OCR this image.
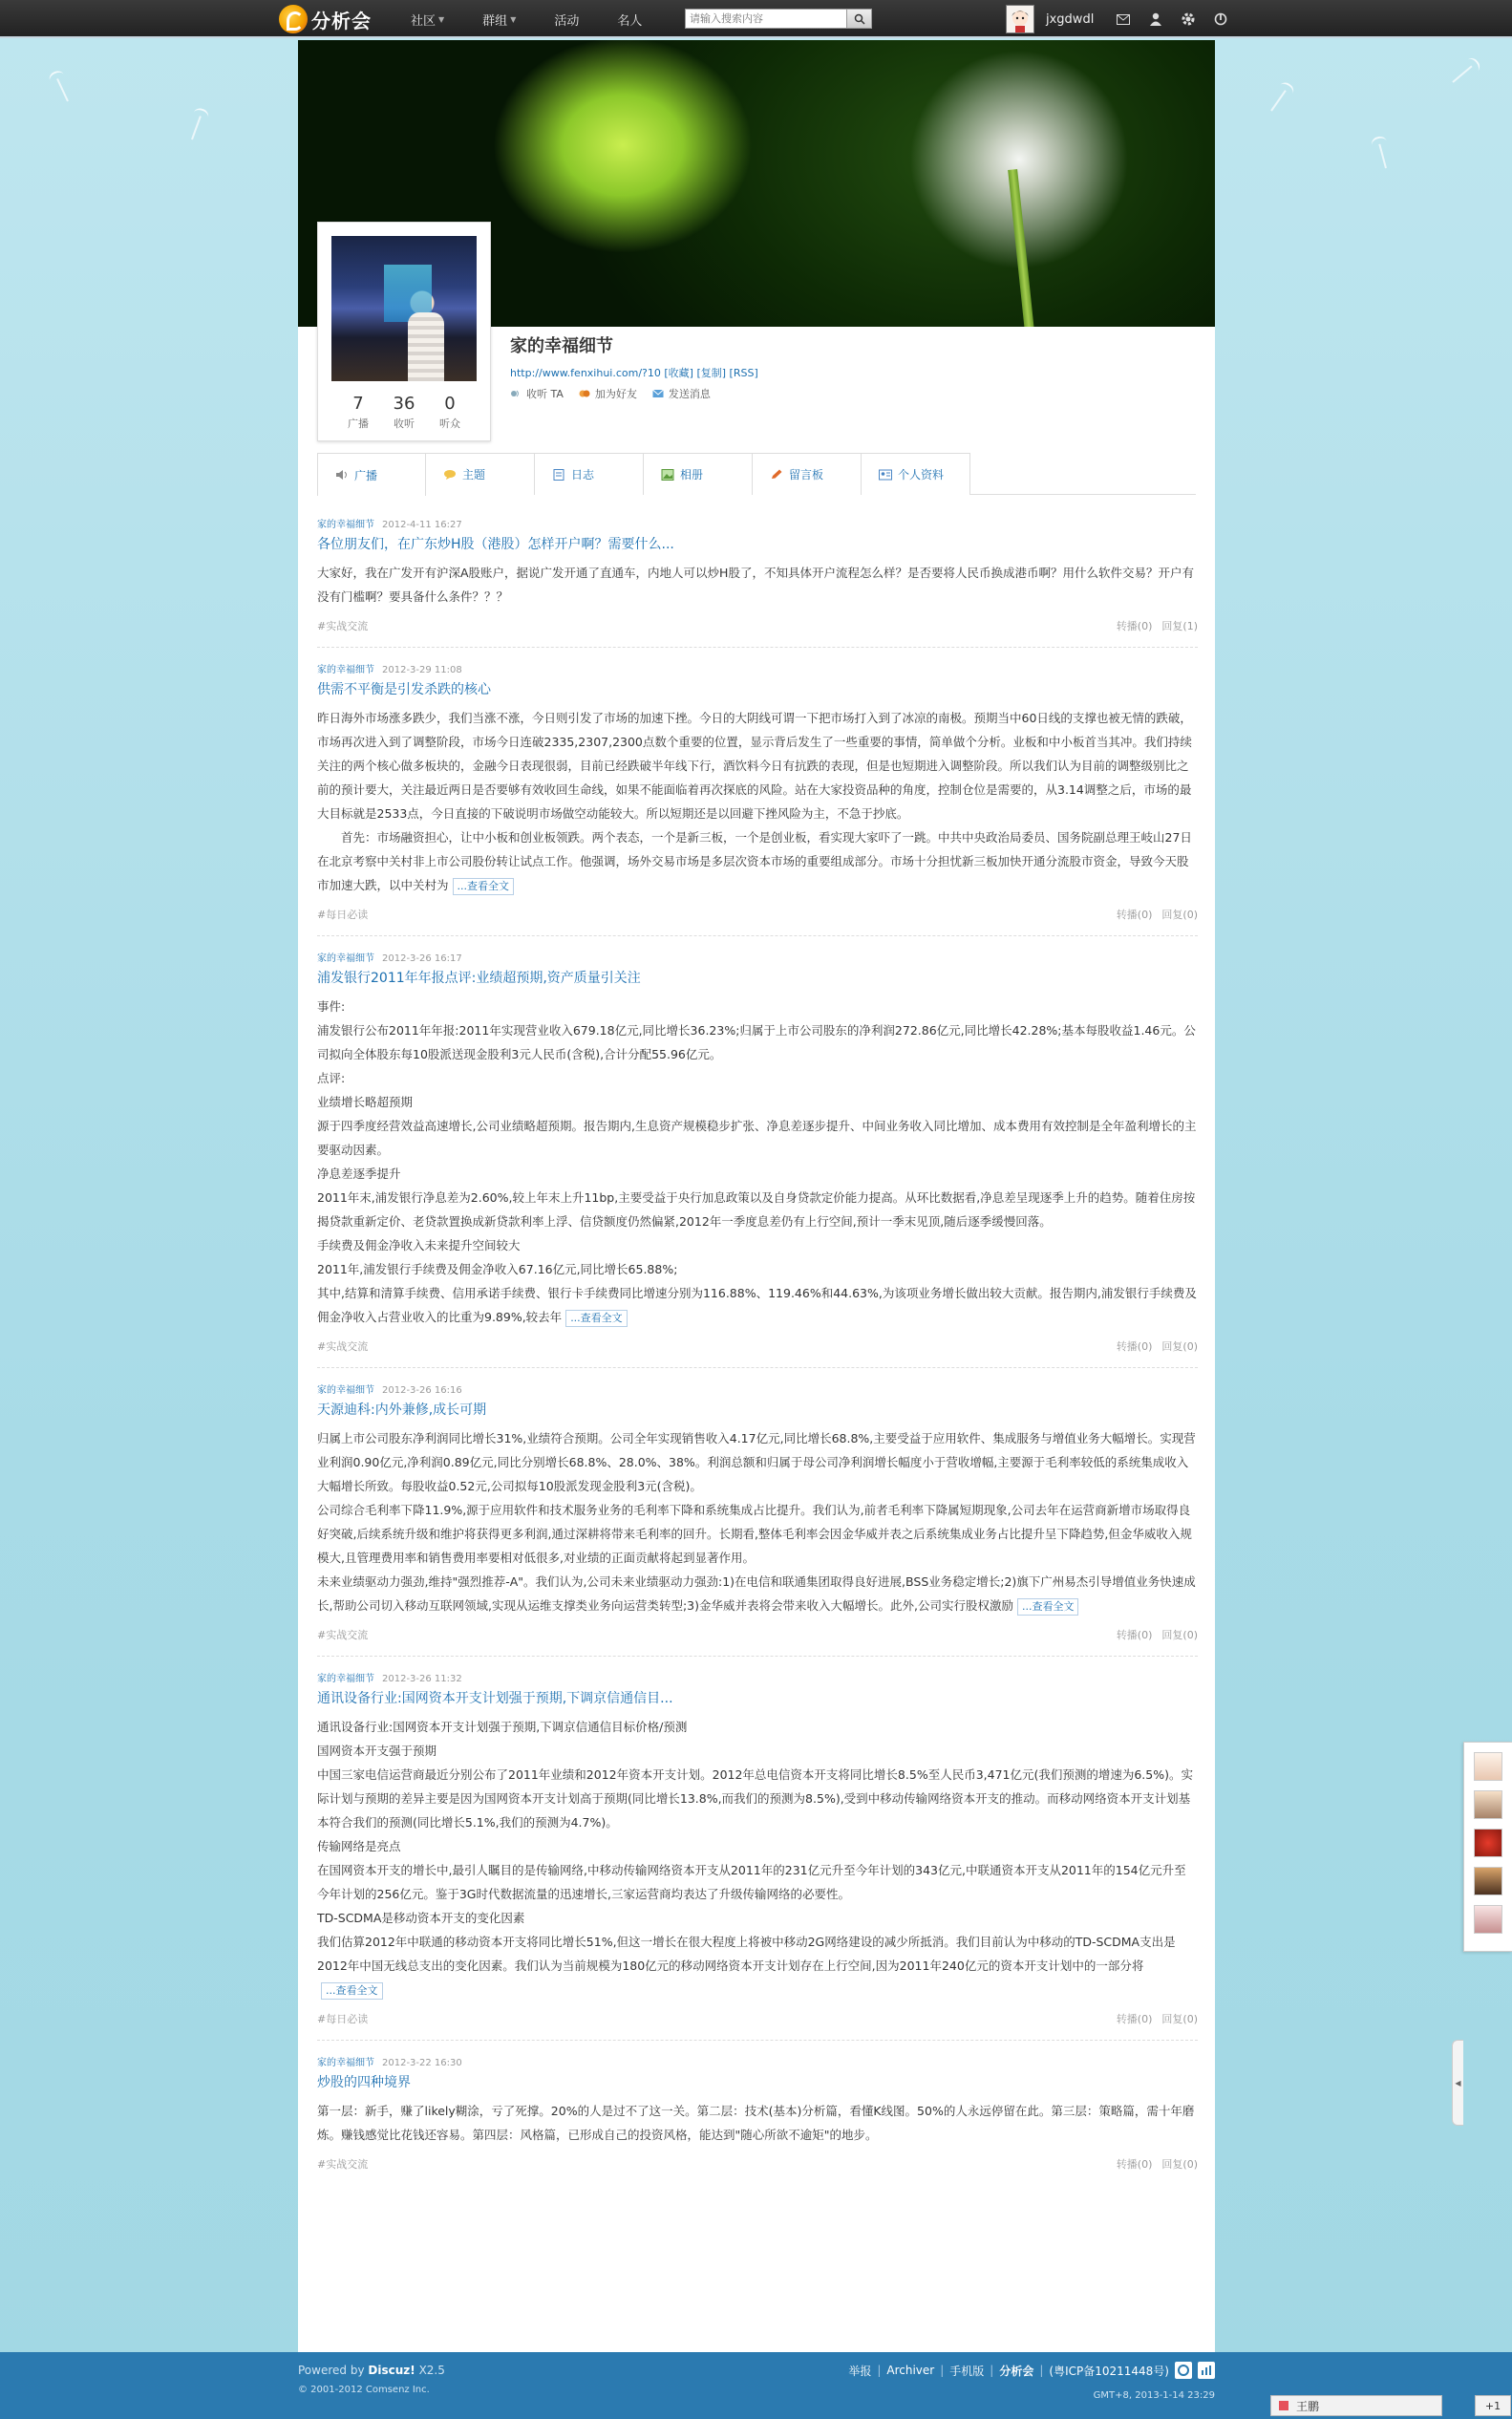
分析会	社区 ▼	群组 ▼	活动	名人
请输入搜索内容	jxgdwdl
7
广播
36
收听
0
听众
家的幸福细节
http://www.fenxihui.com/?10 [收藏] [复制] [RSS]
收听 TA	加为好友	发送消息
广播	主题	日志	相册	留言板	个人资料
家的幸福细节 2012-4-11 16:27
各位朋友们，在广东炒H股（港股）怎样开户啊？需要什么...

大家好，我在广发开有沪深A股账户，据说广发开通了直通车，内地人可以炒H股了，不知具体开户流程怎么样？是否要将人民币换成港币啊？用什么软件交易？开户有没有门槛啊？要具备什么条件？？？

#实战交流	转播(0) 回复(1)
家的幸福细节 2012-3-29 11:08
供需不平衡是引发杀跌的核心

昨日海外市场涨多跌少，我们当涨不涨，今日则引发了市场的加速下挫。今日的大阴线可谓一下把市场打入到了冰凉的南极。预期当中60日线的支撑也被无情的跌破，市场再次进入到了调整阶段，市场今日连破2335,2307,2300点数个重要的位置，显示背后发生了一些重要的事情，简单做个分析。业板和中小板首当其冲。我们持续关注的两个核心做多板块的，金融今日表现很弱，目前已经跌破半年线下行，酒饮料今日有抗跌的表现，但是也短期进入调整阶段。所以我们认为目前的调整级别比之前的预计要大，关注最近两日是否要够有效收回生命线，如果不能面临着再次探底的风险。站在大家投资品种的角度，控制仓位是需要的，从3.14调整之后，市场的最大目标就是2533点，今日直接的下破说明市场做空动能较大。所以短期还是以回避下挫风险为主，不急于抄底。

　　首先：市场融资担心，让中小板和创业板领跌。两个表态，一个是新三板，一个是创业板，看实现大家吓了一跳。中共中央政治局委员、国务院副总理王岐山27日在北京考察中关村非上市公司股份转让试点工作。他强调，场外交易市场是多层次资本市场的重要组成部分。市场十分担忧新三板加快开通分流股市资金，导致今天股市加速大跌，以中关村为 ...查看全文

#每日必读	转播(0) 回复(0)
家的幸福细节 2012-3-26 16:17
浦发银行2011年年报点评:业绩超预期,资产质量引关注

事件:

浦发银行公布2011年年报:2011年实现营业收入679.18亿元,同比增长36.23%;归属于上市公司股东的净利润272.86亿元,同比增长42.28%;基本每股收益1.46元。公司拟向全体股东每10股派送现金股利3元人民币(含税),合计分配55.96亿元。

点评:

业绩增长略超预期

源于四季度经营效益高速增长,公司业绩略超预期。报告期内,生息资产规模稳步扩张、净息差逐步提升、中间业务收入同比增加、成本费用有效控制是全年盈利增长的主要驱动因素。

净息差逐季提升

2011年末,浦发银行净息差为2.60%,较上年末上升11bp,主要受益于央行加息政策以及自身贷款定价能力提高。从环比数据看,净息差呈现逐季上升的趋势。随着住房按揭贷款重新定价、老贷款置换成新贷款利率上浮、信贷额度仍然偏紧,2012年一季度息差仍有上行空间,预计一季末见顶,随后逐季缓慢回落。

手续费及佣金净收入未来提升空间较大

2011年,浦发银行手续费及佣金净收入67.16亿元,同比增长65.88%;

其中,结算和清算手续费、信用承诺手续费、银行卡手续费同比增速分别为116.88%、119.46%和44.63%,为该项业务增长做出较大贡献。报告期内,浦发银行手续费及佣金净收入占营业收入的比重为9.89%,较去年 ...查看全文

#实战交流	转播(0) 回复(0)
家的幸福细节 2012-3-26 16:16
天源迪科:内外兼修,成长可期

归属上市公司股东净利润同比增长31%,业绩符合预期。公司全年实现销售收入4.17亿元,同比增长68.8%,主要受益于应用软件、集成服务与增值业务大幅增长。实现营业利润0.90亿元,净利润0.89亿元,同比分别增长68.8%、28.0%、38%。利润总额和归属于母公司净利润增长幅度小于营收增幅,主要源于毛利率较低的系统集成收入大幅增长所致。每股收益0.52元,公司拟每10股派发现金股利3元(含税)。

公司综合毛利率下降11.9%,源于应用软件和技术服务业务的毛利率下降和系统集成占比提升。我们认为,前者毛利率下降属短期现象,公司去年在运营商新增市场取得良好突破,后续系统升级和维护将获得更多利润,通过深耕将带来毛利率的回升。长期看,整体毛利率会因金华威并表之后系统集成业务占比提升呈下降趋势,但金华威收入规模大,且管理费用率和销售费用率要相对低很多,对业绩的正面贡献将起到显著作用。

未来业绩驱动力强劲,维持"强烈推荐-A"。我们认为,公司未来业绩驱动力强劲:1)在电信和联通集团取得良好进展,BSS业务稳定增长;2)旗下广州易杰引导增值业务快速成长,帮助公司切入移动互联网领域,实现从运维支撑类业务向运营类转型;3)金华威并表将会带来收入大幅增长。此外,公司实行股权激励 ...查看全文

#实战交流	转播(0) 回复(0)
家的幸福细节 2012-3-26 11:32
通讯设备行业:国网资本开支计划强于预期,下调京信通信目...

通讯设备行业:国网资本开支计划强于预期,下调京信通信目标价格/预测

国网资本开支强于预期

中国三家电信运营商最近分别公布了2011年业绩和2012年资本开支计划。2012年总电信资本开支将同比增长8.5%至人民币3,471亿元(我们预测的增速为6.5%)。实际计划与预期的差异主要是因为国网资本开支计划高于预期(同比增长13.8%,而我们的预测为8.5%),受到中移动传输网络资本开支的推动。而移动网络资本开支计划基本符合我们的预测(同比增长5.1%,我们的预测为4.7%)。

传输网络是亮点

在国网资本开支的增长中,最引人瞩目的是传输网络,中移动传输网络资本开支从2011年的231亿元升至今年计划的343亿元,中联通资本开支从2011年的154亿元升至今年计划的256亿元。鉴于3G时代数据流量的迅速增长,三家运营商均表达了升级传输网络的必要性。

TD-SCDMA是移动资本开支的变化因素

我们估算2012年中联通的移动资本开支将同比增长51%,但这一增长在很大程度上将被中移动2G网络建设的减少所抵消。我们目前认为中移动的TD-SCDMA支出是2012年中国无线总支出的变化因素。我们认为当前规模为180亿元的移动网络资本开支计划存在上行空间,因为2011年240亿元的资本开支计划中的一部分将...查看全文

#每日必读	转播(0) 回复(0)
家的幸福细节 2012-3-22 16:30
炒股的四种境界

第一层：新手，赚了likely糊涂，亏了死撑。20%的人是过不了这一关。第二层：技术(基本)分析篇，看懂K线图。50%的人永远停留在此。第三层：策略篇，需十年磨炼。赚钱感觉比花钱还容易。第四层：风格篇，已形成自己的投资风格，能达到"随心所欲不逾矩"的地步。

#实战交流	转播(0) 回复(0)
◀
Powered by Discuz! X2.5
© 2001-2012 Comsenz Inc.
举报 | Archiver | 手机版 | 分析会 | (粤ICP备10211448号)
GMT+8, 2013-1-14 23:29
王鹏	+1
